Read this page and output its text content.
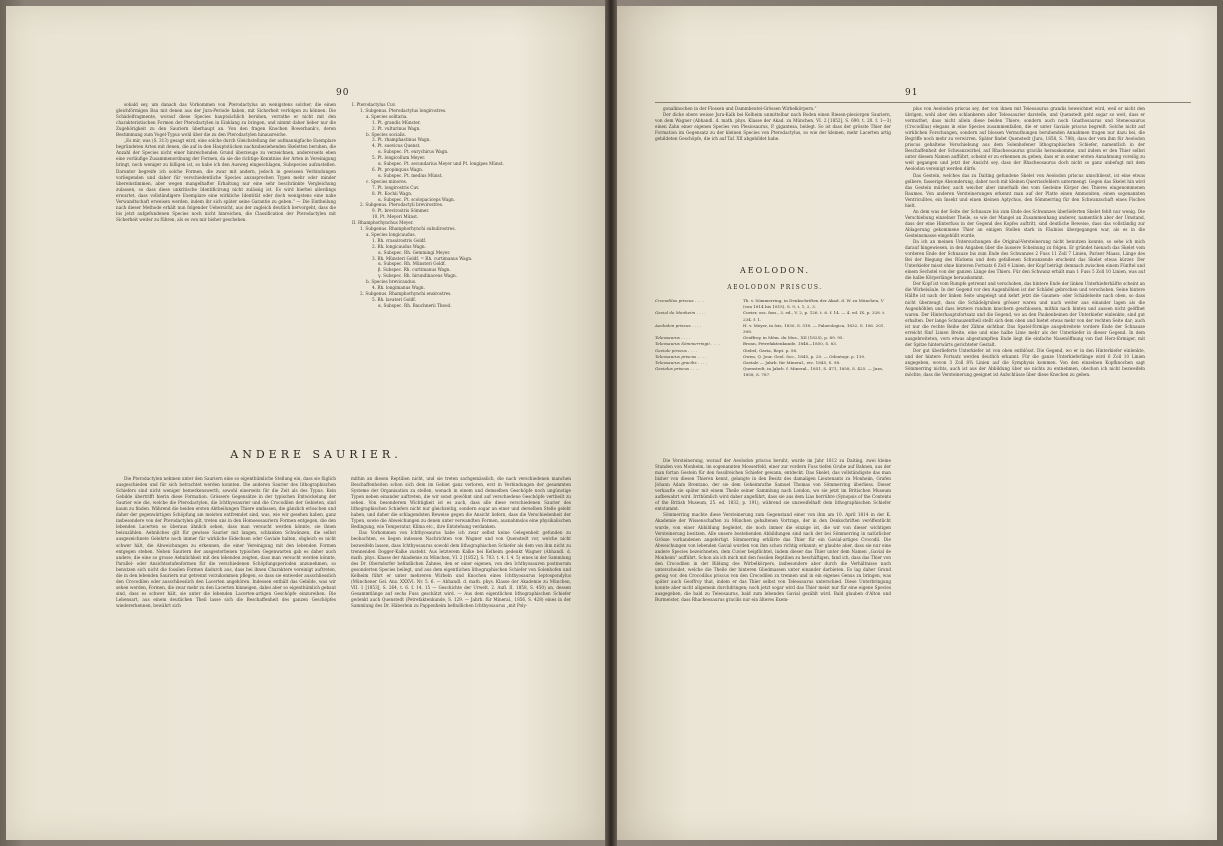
90

sobald sey, um danach das Vorkommen von Pterodactylus an wenigstens solcher, die einen gleichförmigen Bau mit denen aus der Jura-Periode haben, mit Sicherheit verfolgen zu können. Die Schädelfragmente, worauf diese Species hauptsächlich beruhen, verrathe er nicht mit den charakteristischen Formen der Pterodactylen in Einklang zu bringen, und nimmt daher lieber nur die Zugehörigkeit zu den Sauriern überhaupt an. Von den fragen Knochen Bowerbank's, deren Bestimmung zum Vogel-Typus wohl über die zu den Pterodactylen hinausreiche.

„Es mir, was (S. 313) gesagt wird, eine solche durch Gleichstellung der aufmannigfache Exemplare begründeten Arten mit denen, die auf in den Hauptstücken nachzubeziehenden Skeletten beruhen, die Anzahl der Species nicht einer hinreichenden Grund überzeuge zu verzeichnen, andererseits eben eine vorläufige Zusammenordnung der Formen, da sie die richtige Kenntniss der Arten in Vereinigung bringt, noch weniger zu billigen ist, so habe ich den Ausweg eingeschlagen, Subspecies aufzustellen. Darunter begreife ich solche Formen, die zwar mit andern, jedoch in gewissen Verbindungen vorliegenden und daher für verschiedentliche Species anzusprechen Typen mehr oder minder übereinstimmen, aber wegen mangelhafter Erhaltung nur eine sehr beschränkte Vergleichung zulassen, so dass diese unkritische Identificirung nicht zulässig ist. Es wird hierbei allerdings erwartet, dass vollständigere Exemplare eine wirkliche Identität oder doch wenigstens eine nahe Verwandtschaft erweisen werden, indem ihr sich später seine Garantie zu geben.“ — Die Eintheilung nach dieser Methode erhält nun folgender Uebersicht, aus der zugleich deutlich hervorgeht, dass die bis jetzt aufgefundenen Species noch nicht hinreichen, die Classification der Pterodactylen mit Sicherheit weiter zu führen, als es von mir bisher geschehen.

I. Pterodactylus Cuv.
1. Subgenus. Pterodactylus longirostres.
a. Species solitaria.
1. Pt. grandis Münster.
2. Pt. vulturinus Wagn.
b. Species socialis.
3. Pt. rhamphastinus Wagn.
4. Pt. suevicus Quenst.
α. Subspec. Pt. eurychirus Wagn.
5. Pt. longicollum Meyer.
α. Subspec. Pt. secundarius Meyer und Pt. longipes Münst.
6. Pt. propinquus Wagn.
α. Subspec. Pt. medius Münst.
c. Species minores.
7. Pt. longirostris Cuv.
8. Pt. Kochii Wagn.
α. Subspec. Pt. scolopaciceps Wagn.
2. Subgenus. Pterodactyli brevirostres.
9. Pt. brevirostris Sömmer.
10. Pt. Meyeri Münst.
II. Rhamphorhynchus Meyer.
1. Subgenus. Rhamphorhynchi subulirostres.
a. Species longicaudus.
1. Rh. crassirostris Goldf.
2. Rh. longicaudus Wagn.
α. Subspec. Rh. Gemmingi Meyer.
3. Rh. Münsteri Goldf. = Rh. curtimanus Wagn.
α. Subspec. Rh. Münsteri Goldf.
β. Subspec. Rh. curtimanus Wagn.
γ. Subspec. Rh. hirundinaceus Wagn.
b. Species brevicaudus.
4. Rh. longimanus Wagn.
2. Subgenus. Rhamphorhynchi ensirostres.
5. Rh. lavateri Goldf.
α. Subspec. Rh. Bauchnerii Theod.
ANDERE SAURIER.

Die Pterodactylen nehmen unter den Sauriern eine so eigenthümliche Stellung ein, dass sie füglich ausgeschieden und für sich betrachtet werden konnten. Die anderen Saurier des lithographischen Schiefers sind nicht weniger bemerkenswerth, sowohl einerseits für die Zeit als des Typus. Kein Gebilde übertrifft hierin diese Formation. Grössere Gegensätze in der typischen Entwickelung der Saurier wie die, welche die Pterodactylen, die Ichthyosaurier und die Crocodilen der Gebieten, sind kaum zu finden. Während die beiden ersten Abtheilungen Thiere umfassen, die gänzlich erloschen und daher der gegenwärtigen Schöpfung am meisten entfremdet sind, was, wie wir gesehen haben, ganz insbesondere von der Pterodactylen gilt, treten uns in den Homoeosauriern Formen entgegen, die den lebenden Lacerten so überaus ähnlich sehen, dass man versucht werden könnte, sie ihnen beizuzählen. Aehnliches gilt für gewisse Saurier mit langen, schlanken Schwänzen, die selbst ausgezeichnete Gelehrte noch immer für wirkliche Eidechsen oder Gaviale halten, obgleich es nicht schwer hält, die Abweichungen zu erkennen, die einer Vereinigung mit den lebenden Formen entgegen stehen. Neben Sauriern der ausgestorbenen typischen Gegenwarten gab es daher auch andere, die eine so grosse Aehnlichkeit mit den lebenden zeigten, dass man versucht werden könnte, Parallel- oder Ansichtsstufenformen für die verschiedenen Schöpfungsperioden anzunehmen, so benutzen sich nicht die fossilen Formen dadurch aus, dass bei ihnen Charaktere vereinigt auftreten, die in den lebenden Sauriern nur getrennt vorzukommen pflegen, so dass sie entweder ausschliesslich den Crocodilen oder ausschliesslich den Lacerten angehören. Indessen enthält das Gebilde, was wir sehen werden, Formen, die zwar mehr zu den Lacerten hinneigen, dabei aber so eigenthümlich gebaut sind, dass es schwer hält, sie unter die lebenden Lacerten-artigen Geschöpfe einzureihen. Die Lebensart, aus einem deutlichen Theil lasse sich die Beschaffenheit des ganzen Geschöpfes wiedererkennen, bewährt sich

mithin an diesen Reptilien nicht, und sie treten sachgemässlich, die nach verschiedenen manchen Beschaffenheiten schon sich dem im Gebiet ganz verloren, erst in Verbindungen der gesammten Systeme der Organisation zu stellen, wonach in einem und demselben Geschöpfe noch ungünstige Typen neben einander auftreten, die wir sonst gewöhnt sind auf verschiedene Geschöpfe vertheilt zu sehen. Von besonderem Wichtigkeit ist es auch, dass alle diese verschiedenen Saurier des lithographischen Schiefers nicht nur gleichzeitig, sondern sogar an einer und derselben Stelle gelebt haben, und daher die schlagendsten Beweise gegen die Ansicht liefern, dass die Verschiedenheit der Typen, sowie die Abweichungen zu denen unter verwandten Formen, ausnahmslos eine physikalischen Bedingung, wie Temperatur, Klima etc., ihre Entstehung verdanken.

Das Vorkommen von Ichthyosaurus habe ich zwar selbst keine Gelegenheit gefunden zu beobachten, es liegen indessen Nachrichten von Wagner und von Quenstedt vor, welche nicht bezweifeln lassen, dass Ichthyosaurus sowohl dem lithographischen Schiefer als dem von ihm nicht zu trennenden Dogger-Kalke zusteht. Aus letzterem Kalke bei Kelheim gedenkt Wagner (Abhandl. d. math. phys. Klasse der Akademie zu München, VI. 2 [1852], S. 703. t. 4. f. 4. 5) eines in der Sammlung des Dr. Oberndorfer befindlichen Zahnes, den er einer eigenen, von den Ichthyosauren postmorum gesonderten Species beilegt, und aus dem eigentlichen lithographischen Schiefer von Solenhofen und Kelheim führt er unter mehreren Wirbeln und Knochen eines Ichthyosaurus leptospondylus (Münchener Gel. Anz. XXXVI. Nr. 5. 6. — Abhandl. d. math. phys. Klasse der Akademie zu München, VII. 1 [1853], S. 264, t. 6. f. 14, 15 — Geschichte der Urwelt, 2. Aufl. II. 1858, S. 450) an, dessen Gesammtlänge auf sechs Fuss geschätzt wird. — Aus dem eigentlichen lithographischen Schiefer gedenkt auch Quenstedt (Petrefaktenkunde, S. 129. — Jahrb. für Mineral., 1856, S. 428) eines in der Sammlung des Dr. Häberlein zu Pappenheim befindlichen Ichthyosaurus „mit Poly-

91

gonalknochen in der Flossen und Dammbeutel-Grössen Wirbelkörpern.“

Der dicke obere weisse Jura-Kalk bei Kelheim unmittelbar nach Boden einen Riesen-plesiorgen Sauriern, von dem Wagner (Abhandl. d. math. phys. Klasse der Akad. zu München, VI. 2 [1852], S. 690. t. 20. f. 1—3) einen Zahn einer eigenen Species von Plesiosaurus, P. gigantesa, beilegt. So ist dass der grösste Thier der Formation im Gegensatz zu der kleinen Species von Pterodactylus, so wie der kleinen, mehr Lacerten artig gebildeten Geschöpfe, die ich auf Taf. XII abgebildet habe.

AEOLODON.
AEOLODON PRISCUS.
Crocodilus priscus . . . .	Th. v. Sömmerring, in Denkschriften der Akad. d. W. zu München, V (von 1814 bis 1815), S. 9, t. 1, 2, 3.
Gavial de Monheim . . . .	Cuvier, oss. foss., 3. ed., V. 2, p. 126. t. 6. f. 14. — 4. ed. IX. p. 328. t. 234. f. 1.
Aeolodon priscus . . . .	H. v. Meyer, in Isis, 1830, S. 518. — Palaeologica, 1832, S. 106. 201. 308.
Teleosaurus . . . .	Geoffroy, in Mém. du Mus., XII (1825), p. 89. 95.
Teleosaurus Sömmerringii . . . .	Bronn, Petrefaktenkunde, 1848—1850, S. 83.
Gaviale priscus . . . .	Giebel, Gavia, Rept. p. 56.
Teleosaurus priscus . . . .	Owen, Q. Jour. Geol. Soc., 1845, p. 20. — Odontogr. p. 130.
Teleosaurus gracilis . . . .	Gaviale — Jahrb. für Mineral., etc. 1845, S. 98.
Gavialus priscus . . . .	Quenstedt, in Jahrb. f. Mineral., 1851, S. 471, 1858, S. 425. — Jura, 1858, S. 787.

Die Versteinerung, worauf der Aeolodon priscus beruht, wurde im Jahr 1812 zu Daiting, zwei kleine Stunden von Monheim, im sogenannten Mooserfeld, einer zur vordern Fuss tiefen Grube auf Bahnen, aus der man fortan Gestein für den fossilreichen Schiefer gewann, entdeckt. Das Skelet, das vollständigste das man bisher von diesen Thieren kennt, gelangte in den Besitz des damaligen Lieutenants zu Monheim, Grafen Johann Adam Brentano, der sie dem Geheimrathe Samuel Thomas von Sömmerring überliess. Dieser verkaufte sie später mit einem Theile seiner Sammlung nach London, wo sie jetzt im Britischen Museum aufbewahrt wird. Irrthümlich wird daher angeführt, dass sie aus dem Lias herrühre (Synopsis of the Contents of the British Museum, 25. ed. 1832, p. 191), während sie unzweifelhaft dem lithographischen Schiefer entstammt.

Sömmerring machte diese Versteinerung zum Gegenstand einer von ihm am 10. April 1814 in der K. Akademie der Wissenschaften zu München gehaltenen Vortrags, der in den Denkschriften veröffentlicht wurde, von einer Abbildung begleitet, die noch immer die einzige ist, die wir von dieser wichtigen Versteinerung besitzen. Alle unsere bestehenden Abbildungen sind nach der bei Sömmerring in natürlicher Grösse vorhandenen angefertigt. Sömmerring erklärte das Thier für ein Gavial-artiges Crocodil. Die Abweichungen von lebenden Gavial wurden von ihm schon richtig erkannt; er glaubte aber, dass sie nur eine andere Species bezeichneten, dem Cuvier beipflichtet, indem dieser das Thier unter dem Namen „Gavial de Monheim“ aufführt. Schon als ich mich mit den fossilen Reptilien zu beschäftigen, fand ich, dass das Thier von den Crocodilen in der Bildung des Wirbelkörpers, insbesondere aber durch die Verhältnisse nach unterscheidet, welche die Theile der hinteren Gliedmassen unter einander darbieten. Es lag daher Grund genug vor, den Crocodilus priscus von den Crocodilen zu trennen und in ein eigenes Genus zu bringen, was später auch Geoffroy that, indem er das Thier selbst von Teleosaurus unterschied. Diese Unterbringung konnte aber nicht allgemein durchdringen; noch jetzt sogar wird das Thier meist nur für eine eigene Species ausgegeben, die bald zu Teleosaurus, bald zum lebenden Gavial gezählt wird. Bald glauben d'Alton und Burmeister, dass Rhacheosaurus gracilis nur ein älteres Exem-

plus von Aeolodon priscus sey, der von ihnen mit Teleosaurus grandis beweichnet wird, weil er nicht den übrigen, wohl aber den schlankeren aller Teleosaurier darstelle, und Quenstedt geht sogar so weit, dass er vermuthet, dass nicht allein diese beiden Thiere, sondern auch noch Gnathosaurus und Steneosaurus (Crocodilus) elegans in eine Species zusammenfallen, die er unter Gaviale priscus begreift. Solche nicht auf wirklichen Forschungen, sondern auf blossen Vermuthungen beruhenden Annahmen tragen nur dazu bei, die Begriffe noch mehr zu verwirren. Später findet Quenstedt (Jura, 1858, S. 788), dass der vom ihm für Aeolodon priscus gehaltene Verschiebung aus dem Solenhofener lithographischen Schiefer, namentlich in der Beschaffenheit der Schwanzwirbel, auf Rhacheosaurus gracilis herauskomme, und indem er den Thier selbst unter diesem Namen aufführt, scheint er zu erkennen zu geben, dass er in seiner ersten Annahmung voreilig zu weit gegangen und jetzt der Ansicht sey, dass der Rhacheosaurus doch nicht so ganz unbefugt mit dem Aeolodon vereinigt werden dürfe.

Das Gestein, welches das zu Daiting gefundene Skelet von Aeolodon priscus umschliesst, ist eine etwas gelbere, fasserige Absonderung, daher noch mit kleinen Querrissfehlern untermengt. Gegen das Skelet hin wird das Gestein mürber, auch weicher aber innerhalb des vom Gesteine Körper des Thieres eingenommenen Raumes. Von anderen Versteinerungen erkennt man auf der Platte einen Ammoniten, einen sogenannten Ventriculites, ein Insekt und einen kleinen Aptychus, den Sömmerring für den Schwanzschaft eines Fisches hielt.

An dem was der Seite der Schnauze bis zum Ende des Schwanzes überlieferten Skelet fehlt nur wenig. Die Verschiebung einzelner Theile, so wie der Mangel an Zusammenhang anderer, namentlich aber der Umstand, dass der eine Hinterfuss in der Gegend des Kopfes auftritt, sind deutliche Beweise, dass das vollständig zur Ablagerung gekommene Thier an einigen Stellen stark in Fäulniss übergegangen war, als es in die Gesteinsmasse eingehüllt wurde.

Da ich an meinen Untersuchungen die Original-Versteinerung nicht benutzen konnte, so sehe ich mich darauf hingewiesen, in den Angaben über die äussere Scheinung zu folgen. Er gründet hienach das Skelet vom vorderen Ende der Schnauze bis zum Ende des Schwanzes 2 Fuss 11 Zoll 7 Linien, Pariser Maass, Länge des Bei der Biegung des Rückens und dem gefallenen Schwanzende erscheint das Skelet etwas kürzer. Der Unterkiefer misst ohne hinteren Fortsatz 6 Zoll 4 Linien, der Kopf beträgt demnach zwischen einem Fünftel und einem Sechstel von der ganzen Länge des Thiers. Für den Schwanz erhält man 1 Fuss 5 Zoll 10 Linien, was auf die halbe Körperlänge herauskommt.

Der Kopf ist vom Rumpfe getrennt und verschoben, das hintere Ende der linken Unterkieferhälfte scheint an die Wirbelsäule. In der Gegend vor den Augenhöhlen ist der Schädel gebrochen und verschoben. Seine hintere Hälfte ist nach der linken Seite umgelegt und kehrt jetzt die Gaumen- oder Schädelseite nach oben, so dass nicht überzeugt, dass die Schädelgruben grösser waren und nach weiter aus einander lagen als die Augenhöhlen und dass letztere rundum knochern geschlossen, mithin nach hinten und aussen nicht geöffnet waren. Der Hinterhauptsfortsatz und die Gegend, wo an den Paukenbeinen der Unterkiefer einlenkte, sind gut erhalten. Der lange Schnauzentheil stellt sich dem oben und bietet etwas mehr von der rechten Seite dar; auch ist nur die rechte Reihe der Zähne sichtbar. Das Spatel-förmige ausgebreitete vordere Ende der Schnauze erreicht fünf Linien Breite, eine und eine halbe Linie mehr als der Unterkiefer in dieser Gegend. In dem ausgebreiteten, vorn etwas abgestumpften Ende liegt die einfache Nasenöffnung von fast Herz-förmiger, mit der Spitze hinterwärts gerichteter Gestalt.

Der gut überlieferte Unterkiefer ist von oben entblösst. Die Gegend, wo er in den Hinterkiefer einlenkte, und der hintere Fortsatz werden deutlich erkannt. Für die ganze Unterkieferlänge wird 6 Zoll 10 Linien angegeben, wovon 3 Zoll 8¾ Linien auf die Symphysis kommen. Von den einzelnen Kopfknochen sagt Sömmerring nichts, auch ist aus der Abbildung über sie nichts zu entnehmen, obschon ich nicht bezweifeln möchte, dass die Versteinerung geeignet ist Aufschlüsse über diese Knochen zu geben.
